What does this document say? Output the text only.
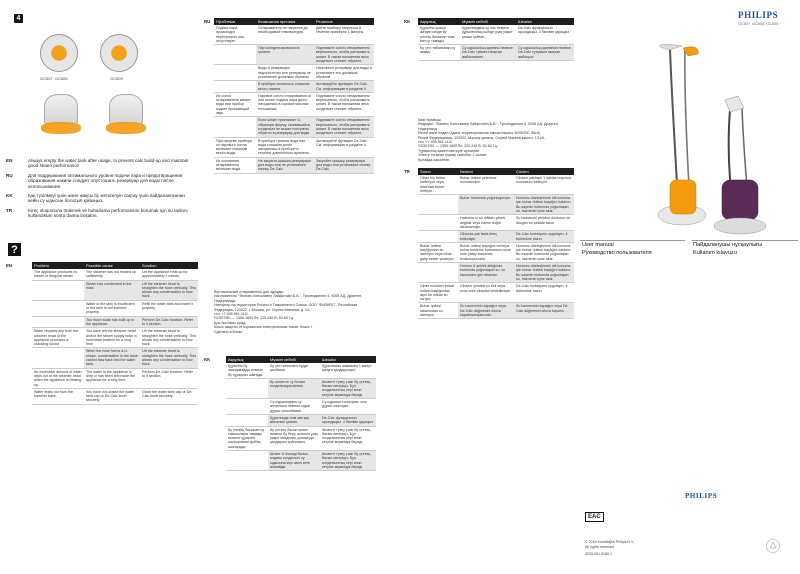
4
GC507, GC506	GC509
EN	Always empty the water tank after usage, to prevent calc build-up and maintain good steam performance
RU	Для поддержания оптимального уровня подачи пара и предотвращения образования накипи следует опустошать резервуар для воды после использования.
KK	Қақ түзілмеуі үшін және жақсы бу жеткізілуін сақтау үшін пайдаланғаннан кейін су ыдысын босатып қойыңыз.
TR	Kireç oluşumunu önlemek ve buharlama performansını korumak için su tankını kullandıktan sonra daima boşaltın.
?
EN	Problem	Possible cause	Solution
The appliance produces no steam or irregular steam	The steamer has not heated up sufficiently.	Let the appliance heat up for approximately 1 minute.
	Steam has condensed in the hose.	Lift the steamer head to straighten the hose vertically. This allows any condensation to flow back.
	Water in the tank is insufficient or the tank is not inserted properly.	Refill the water tank and insert it properly.
	Too much scale has built up in the appliance.	Perform De-Calc function. Refer to 4 section.
Water droplets drip from the steamer head or the appliance produces a crackling sound	You have left the steamer head and/or the steam supply hose in horizontal position for a long time	Lift the steamer head to straighten the hose vertically. This allows any condensation to flow back.
	When the hose forms a U-shape, condensation in the hose cannot flow back into the water tank.	Lift the steamer head to straighten the hose vertically. This allows any condensation to flow back.
An excessive amount of water drips out of the steamer head when the appliance is heating up.	The water in the appliance is dirty or has been left inside the appliance for a long time.	Perform De-Calc function. Refer to 4 section.
Water leaks out from the steamer base.	You have not closed the water tank cap or De-Calc knob securely.	Close the water tank cap or De-Calc knob securely.
RU Проблема	Возможная причина	Решение
Подача пара происходит нерегулярно или отсутствует.	Отпариватель не нагрелся до необходимой температуры.	Дайте прибору нагреться в течение примерно 1 минуты.
	Пар сконденсировался в шланге.	Поднимите сопло отпаривателя вертикально, чтобы распрямить шланг. В таком положении весь конденсат стекает обратно.
	Воды в резервуаре недостаточно или резервуар не установлен должным образом.	Наполните резервуар для воды и установите его должным образом.
	В приборе скопилось слишком много накипи.	Активируйте функцию De-Calc. См. информацию в разделе 4.
Из сопла отпаривателя капает вода или прибор издает булькающий звук.	Паровое сопло отпаривателя и/или шланг подачи пара долго находились в горизонтальном положении.	Поднимите сопло отпаривателя вертикально, чтобы распрямить шланг. В таком положении весь конденсат стекает обратно.
	Если шланг принимает U-образную форму, скопившийся конденсат не может поступить обратно в резервуар для воды.	Поднимите сопло отпаривателя вертикально, чтобы распрямить шланг. В таком положении весь конденсат стекает обратно.
При нагреве прибора из парового сопла вытекает слишком много воды.	В приборе грязная вода или вода слишком долго находилась в приборе в течение длительного времени.	Активируйте функцию De-Calc. См. информацию в разделе 4.
Из основания отпаривателя вытекает вода.	Не закрыта крышка резервуара для воды или не установлен кнопку De-Calc.	Закройте крышку резервуара для воды или установите кнопку De-Calc.
Вертикальный отпариватель для одежды.
Изготовитель: "Филипс Консьюмер Лайфстайл Б.В.", Туссендиепен 4, 9206 АД, Драхтен, Нидерланды.
Импортер на территории России и Таможенного Союза: ООО "ФИЛИПС", Российская Федерация, 123022, г. Москва, ул. Сергея Макеева, д. 13,
тел. +7 495 961-1111.
GC507/60 — 1350-1600 Вт; 220-240 В; 50-60 Гц.
Для бытовых нужд.
Класс защиты от поражения электрическим током: Класс I.
Сделано в Китае.
KK	Ақаулық	Мүмкін себебі	Шешімі
Құрылғы бу шығармайды немесе бу тұрақсыз шығады.	Бу үтігі жеткілікті түрде қызбаған.	Құрылғыны шамамен 1 минут қызуға қалдырыңыз.
	Бу шлангте су болып конденсацияланған.	Шлангті түзеу үшін бу үтігінің басын көтеріңіз. Бұл конденсаттың кері ағып кетуіне мүмкіндік береді.
	Су ыдысындағы су жеткіліксіз немесе ыдыс дұрыс салынбаған.	Су ыдысын толтырып, оны дұрыс салыңыз.
	Құрылғыда тым көп қақ жиналып қалған.	De-Calc функциясын орындаңыз. 4 бөлімін қараңыз.
Бу үтігінің басынан су тамшылары тамады немесе құрылғы шытырлаған дыбыс шығарады.	Бу үтігінің басын және/немесе бу беру шлангін ұзақ уақыт көлденең қалпында қалдырып қойғансыз.	Шлангті түзеу үшін бу үтігінің басын көтеріңіз. Бұл конденсаттың кері ағып кетуіне мүмкіндік береді.
	Шланг U пішінді болса, ондағы конденсат су ыдысына кері ағып кете алмайды.	Шлангті түзеу үшін бу үтігінің басын көтеріңіз. Бұл конденсаттың кері ағып кетуіне мүмкіндік береді.
KK Ақаулық	Мүмкін себебі	Шешімі
Құрылғы қызып жатқан кезде бу үтігінің басынан тым көп су тамады.	Құрылғыдағы су лас немесе құрылғының ішінде ұзақ уақыт қалып қойған.	De-Calc функциясын орындаңыз. 4 бөлімін қараңыз.
Бу үтігі табанынан су ағады.	Су ыдысының қақпағы немесе De-Calc түймесі мықтап жабылмаған.	Су ыдысының қақпағын немесе De-Calc тұтқасын мықтап жабыңыз.
Киім булағыш
Өндіруші: "Филипс Консьюмер Лайфстайл Б.В.", Туссендиепен 4, 9206 АД, Драхтен, Нидерланд
Ресей және Кеден Одағы территориясына импорттаушы: ФИЛИПС ЖШҚ,
Ресей Федерациясы, 123022, Мәскеу қаласы, Сергей Макеев көшесі, 13-үй,
тел. +7 495 961-1111.
GC507/60 — 1350-1600 Вт; 220-240 В; 50-60 Гц.
Тұрмыстық қажеттіліктерге арналған
Электр тогынан қорғау сыныбы: 1 сынып
Қытайда жасалған.
TR	Sorun	Nedeni	Çözüm
Cihaz hiç buhar üretmiyor veya düzensiz buhar üretiyor.	Buhar ünitesi yeterince ısınmamıştır.	Cihazın yaklaşık 1 dakika boyunca ısınmasını bekleyin.
	Buhar hortumda yoğunlaşmıştır.	Hortumu düzleştirmek dik konuma için buhar ünitesi başlığını kaldırın. Bu sayede hortumda yoğunlaşan su, haznenin içine akar.
	Haznede ki su miktarı yeterli değildir veya hazne doğru takılmamıştır.	Su haznesini yeniden doldurun ve düzgün bir şekilde takın.
	Cihazda çok fazla kireç birikmiştir.	De-Calc fonksiyonu uygulayın. 4 bölümüne bakın.
Buhar ünitesi başlığından su damlıyor veya cihaz garip sesler çıkarıyor.	Buhar ünitesi başlığını ve/veya buhar besleme hortumunu uzun süre yatay konumda bırakmışsınızdır.	Hortumu düzleştirmek dik konuma için buhar ünitesi başlığını kaldırın. Bu sayede hortumda yoğunlaşan su, haznenin içine akar.
	Hortum U şeklini aldığında hortumda yoğunlaşan su, su haznesine geri akamaz.	Hortumu düzleştirmek dik konuma için buhar ünitesi başlığını kaldırın. Bu sayede hortumda yoğunlaşan su, haznenin içine akar.
Cihaz ısınırken buhar ünitesi başlığından aşırı bir miktar su sızıyor.	Cihazın içindeki su kirli veya uzun süre cihazda bekletilmiştir.	De-Calc fonksiyonu uygulayın. 4 bölümüne bakın.
Buhar ünitesi tabanından su damlıyor.	Su haznesinin kapağını veya De-Calc düğmesini sıkıca kapatmamışsınızdır.	Su haznesinin kapağını veya De-Calc düğmesini sıkıca kapatın.
PHILIPS
GC507, GC508, GC509
User manual
Руководство пользователя
Пайдаланушы нұсқаулығы
Kullanım kılavuzu
PHILIPS
EAC
© 2018 Koninklijke Philips N.V.
All rights reserved.
4239.001.0189.1
